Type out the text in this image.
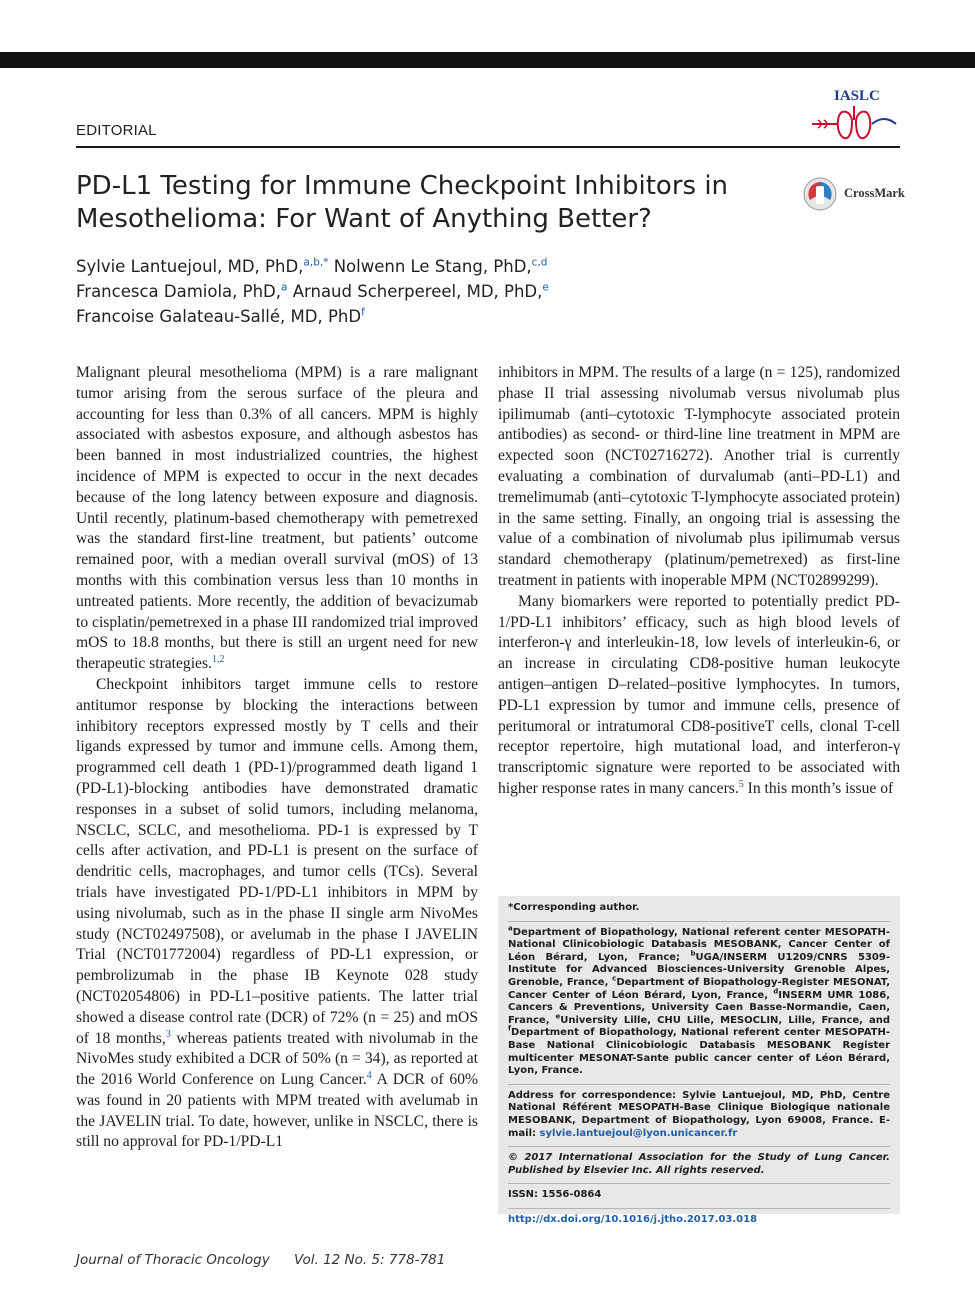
EDITORIAL
IASLC
PD-L1 Testing for Immune Checkpoint Inhibitors in Mesothelioma: For Want of Anything Better?
CrossMark

Sylvie Lantuejoul, MD, PhD,$^{a,b,*}$ Nolwenn Le Stang, PhD,$^{c,d}$

Francesca Damiola, PhD,$^a$ Arnaud Scherpereel, MD, PhD,$^e$

Francoise Galateau-Sallé, MD, PhD$^f$

Malignant pleural mesothelioma (MPM) is a rare malignant tumor arising from the serous surface of the pleura and accounting for less than 0.3% of all cancers. MPM is highly associated with asbestos exposure, and although asbestos has been banned in most industrialized countries, the highest incidence of MPM is expected to occur in the next decades because of the long latency between exposure and diagnosis. Until recently, platinum-based chemotherapy with pemetrexed was the standard first-line treatment, but patients’ outcome remained poor, with a median overall survival (mOS) of 13 months with this combination versus less than 10 months in untreated patients. More recently, the addition of bevacizumab to cisplatin/pemetrexed in a phase III randomized trial improved mOS to 18.8 months, but there is still an urgent need for new therapeutic strategies.$^{1,2}$

Checkpoint inhibitors target immune cells to restore antitumor response by blocking the interactions between inhibitory receptors expressed mostly by T cells and their ligands expressed by tumor and immune cells. Among them, programmed cell death 1 (PD-1)/programmed death ligand 1 (PD-L1)-blocking antibodies have demonstrated dramatic responses in a subset of solid tumors, including melanoma, NSCLC, SCLC, and mesothelioma. PD-1 is expressed by T cells after activation, and PD-L1 is present on the surface of dendritic cells, macrophages, and tumor cells (TCs). Several trials have investigated PD-1/PD-L1 inhibitors in MPM by using nivolumab, such as in the phase II single arm NivoMes study (NCT02497508), or avelumab in the phase I JAVELIN Trial (NCT01772004) regardless of PD-L1 expression, or pembrolizumab in the phase IB Keynote 028 study (NCT02054806) in PD-L1–positive patients. The latter trial showed a disease control rate (DCR) of 72% (n = 25) and mOS of 18 months,$^3$ whereas patients treated with nivolumab in the NivoMes study exhibited a DCR of 50% (n = 34), as reported at the 2016 World Conference on Lung Cancer.$^4$ A DCR of 60% was found in 20 patients with MPM treated with avelumab in the JAVELIN trial. To date, however, unlike in NSCLC, there is still no approval for PD-1/PD-L1

inhibitors in MPM. The results of a large (n = 125), randomized phase II trial assessing nivolumab versus nivolumab plus ipilimumab (anti–cytotoxic T-lymphocyte associated protein antibodies) as second- or third-line line treatment in MPM are expected soon (NCT02716272). Another trial is currently evaluating a combination of durvalumab (anti–PD-L1) and tremelimumab (anti–cytotoxic T-lymphocyte associated protein) in the same setting. Finally, an ongoing trial is assessing the value of a combination of nivolumab plus ipilimumab versus standard chemotherapy (platinum/pemetrexed) as first-line treatment in patients with inoperable MPM (NCT02899299).

Many biomarkers were reported to potentially predict PD-1/PD-L1 inhibitors’ efficacy, such as high blood levels of interferon-γ and interleukin-18, low levels of interleukin-6, or an increase in circulating CD8-positive human leukocyte antigen–antigen D–related–positive lymphocytes. In tumors, PD-L1 expression by tumor and immune cells, presence of peritumoral or intratumoral CD8-positiveT cells, clonal T-cell receptor repertoire, high mutational load, and interferon-γ transcriptomic signature were reported to be associated with higher response rates in many cancers.$^5$ In this month’s issue of

*Corresponding author.

$^a$Department of Biopathology, National referent center MESOPATH-National Clinicobiologic Databasis MESOBANK, Cancer Center of Léon Bérard, Lyon, France; $^b$UGA/INSERM U1209/CNRS 5309-Institute for Advanced Biosciences-University Grenoble Alpes, Grenoble, France, $^c$Department of Biopathology-Register MESONAT, Cancer Center of Léon Bérard, Lyon, France, $^d$INSERM UMR 1086, Cancers & Preventions, University Caen Basse-Normandie, Caen, France, $^e$University Lille, CHU Lille, MESOCLIN, Lille, France, and $^f$Department of Biopathology, National referent center MESOPATH-Base National Clinicobiologic Databasis MESOBANK Register multicenter MESONAT-Sante public cancer center of Léon Bérard, Lyon, France.

Address for correspondence: Sylvie Lantuejoul, MD, PhD, Centre National Référent MESOPATH-Base Clinique Biologique nationale MESOBANK, Department of Biopathology, Lyon 69008, France. E-mail: sylvie.lantuejoul@lyon.unicancer.fr

© 2017 International Association for the Study of Lung Cancer. Published by Elsevier Inc. All rights reserved.

ISSN: 1556-0864

http://dx.doi.org/10.1016/j.jtho.2017.03.018

Journal of Thoracic Oncology Vol. 12 No. 5: 778-781
